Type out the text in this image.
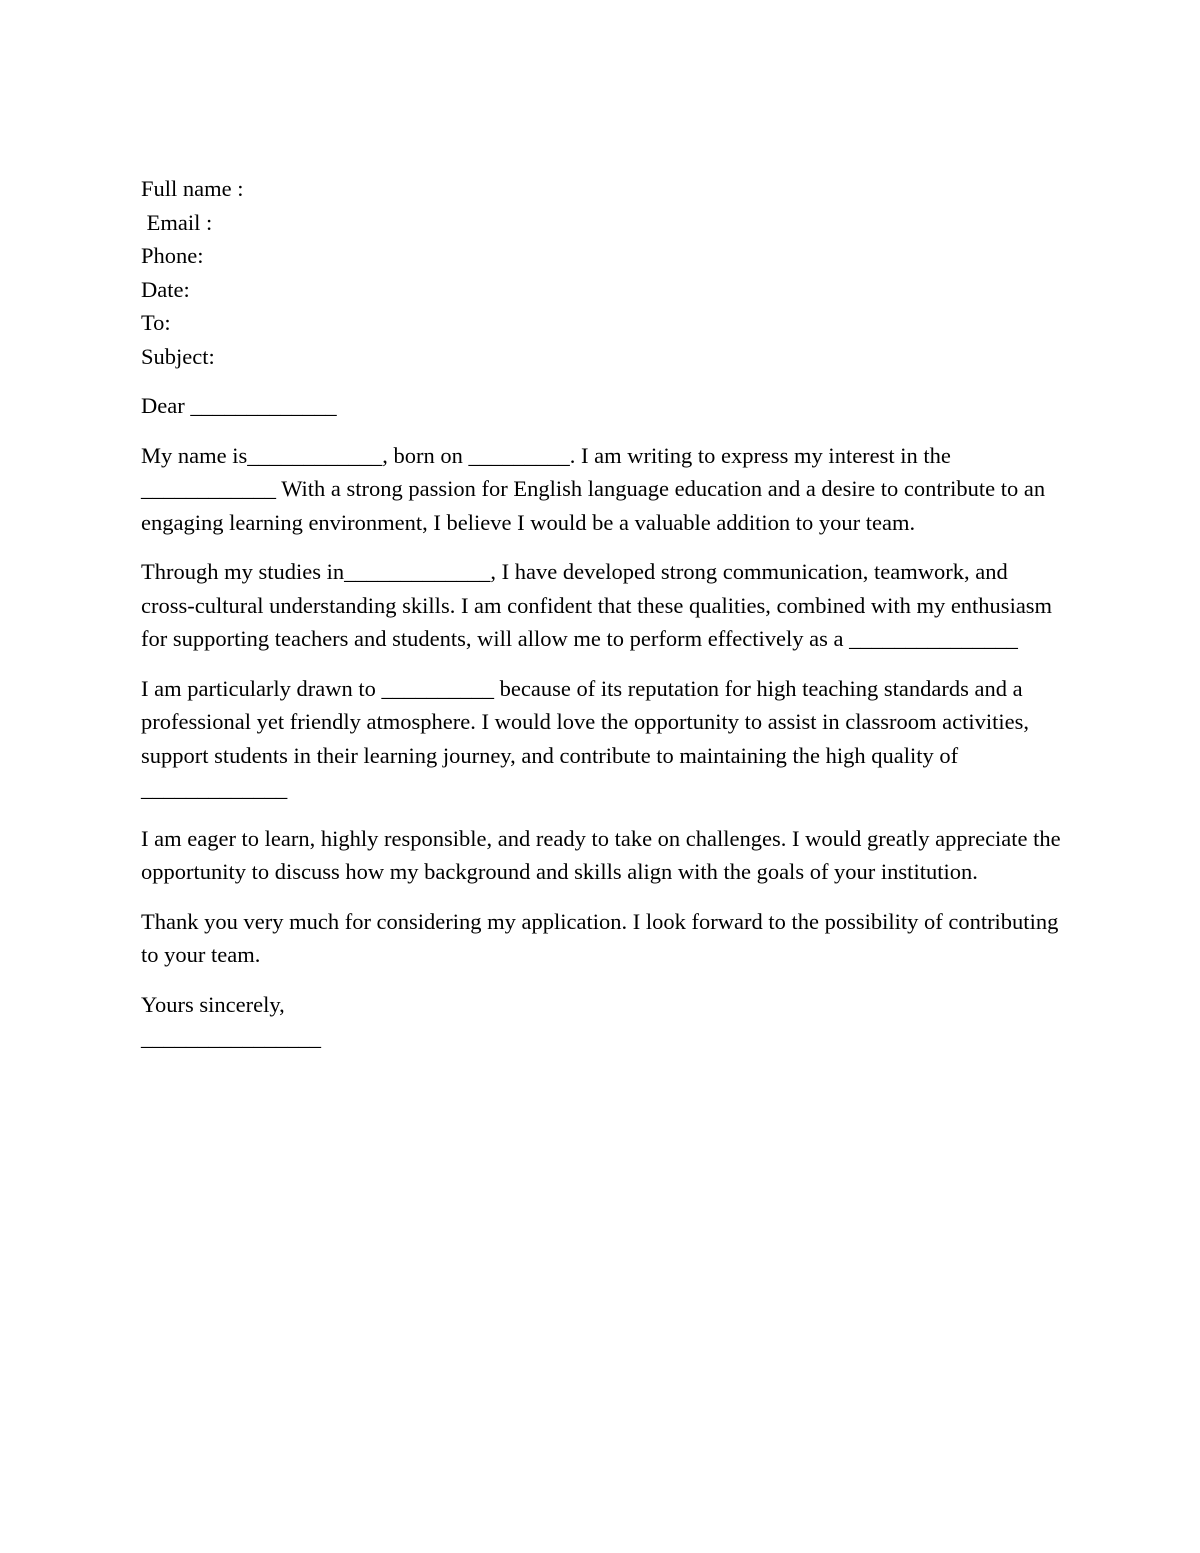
Full name :
Email :
Phone:
Date:
To:
Subject:

Dear _____________

My name is____________, born on _________. I am writing to express my interest in the ____________ With a strong passion for English language education and a desire to contribute to an engaging learning environment, I believe I would be a valuable addition to your team.

Through my studies in_____________, I have developed strong communication, teamwork, and cross-cultural understanding skills. I am confident that these qualities, combined with my enthusiasm for supporting teachers and students, will allow me to perform effectively as a _______________

I am particularly drawn to __________ because of its reputation for high teaching standards and a professional yet friendly atmosphere. I would love the opportunity to assist in classroom activities, support students in their learning journey, and contribute to maintaining the high quality of _____________

I am eager to learn, highly responsible, and ready to take on challenges. I would greatly appreciate the opportunity to discuss how my background and skills align with the goals of your institution.

Thank you very much for considering my application. I look forward to the possibility of contributing to your team.

Yours sincerely,

________________
